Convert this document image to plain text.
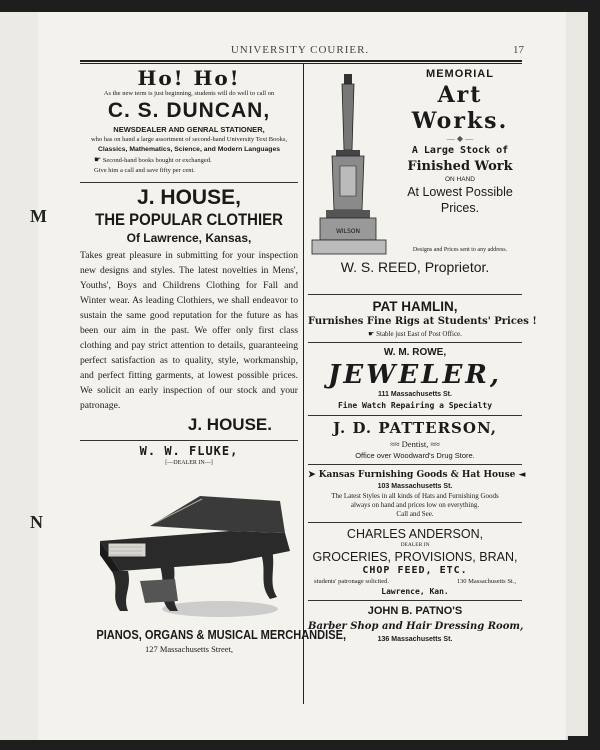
M
N
UNIVERSITY COURIER.	17
Ho! Ho!
As the new term is just beginning, students will do well to call on
C. S. DUNCAN,
NEWSDEALER AND GENRAL STATIONER,
who has on hand a large assortment of second-hand University Text Books,
Classics, Mathematics, Science, and Modern Languages
☛ Second-hand books bought or exchanged.
Give him a call and save fifty per cent.
J. HOUSE,
THE POPULAR CLOTHIER
Of Lawrence, Kansas,

Takes great pleasure in submitting for your inspection new designs and styles. The latest novelties in Mens', Youths', Boys and Childrens Clothing for Fall and Winter wear. As leading Clothiers, we shall endeavor to sustain the same good reputation for the future as has been our aim in the past. We offer only first class clothing and pay strict attention to details, guaranteeing perfect satisfaction as to quality, style, workmanship, and perfect fitting garments, at lowest possible prices. We solicit an early inspection of our stock and your patronage.

J. HOUSE.
W. W. FLUKE,
[—DEALER IN—]
PIANOS, ORGANS & MUSICAL MERCHANDISE,
127 Massachusetts Street,
WILSON
MEMORIAL
Art
Works.
— ◆ —
A Large Stock of
Finished Work
ON HAND
At Lowest Possible
Prices.
Designs and Prices sent to any address.
W. S. REED, Proprietor.
PAT HAMLIN,
Furnishes Fine Rigs at Students' Prices !
☛ Stable just East of Post Office.
W. M. ROWE,
JEWELER,
111 Massachusetts St.
Fine Watch Repairing a Specialty
J. D. PATTERSON,
≈≈ Dentist, ≈≈
Office over Woodward's Drug Store.
➤ Kansas Furnishing Goods & Hat House ◄
103 Massachusetts St.
The Latest Styles in all kinds of Hats and Furnishing Goods
always on hand and prices low on everything.
Call and See.
CHARLES ANDERSON,
DEALER IN
GROCERIES, PROVISIONS, BRAN,
CHOP FEED, ETC.
students' patronage solicited.	130 Massachusetts St.,
Lawrence, Kan.
JOHN B. PATNO'S
Barber Shop and Hair Dressing Room,
136 Massachusetts St.
